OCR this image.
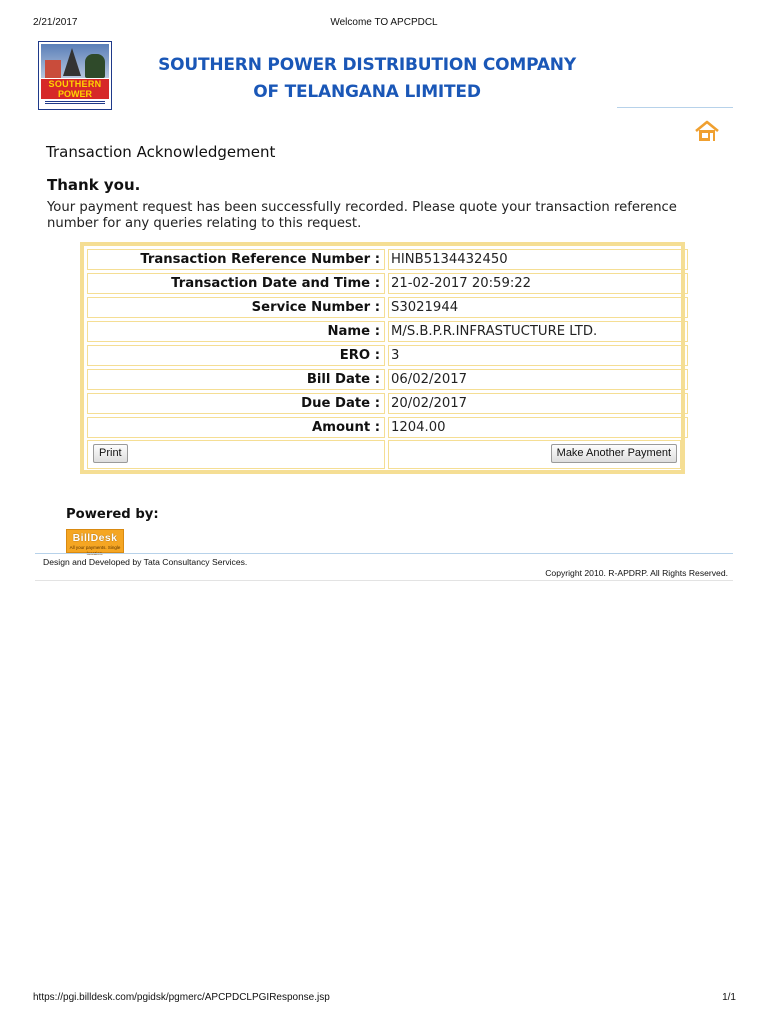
2/21/2017	Welcome TO APCPDCL
SOUTHERN
POWER
SOUTHERN POWER DISTRIBUTION COMPANY
OF TELANGANA LIMITED
Transaction Acknowledgement
Thank you.
Your payment request has been successfully recorded. Please quote your transaction reference number for any queries relating to this request.
Transaction Reference Number : HINB5134432450
Transaction Date and Time : 21-02-2017 20:59:22
Service Number : S3021944
Name : M/S.B.P.R.INFRASTUCTURE LTD.
ERO : 3
Bill Date : 06/02/2017
Due Date : 20/02/2017
Amount : 1204.00
Print	Make Another Payment
Powered by:
BillDesk
All your payments. Single
Design and Developed by Tata Consultancy Services.
Copyright 2010. R-APDRP. All Rights Reserved.
https://pgi.billdesk.com/pgidsk/pgmerc/APCPDCLPGIResponse.jsp	1/1
